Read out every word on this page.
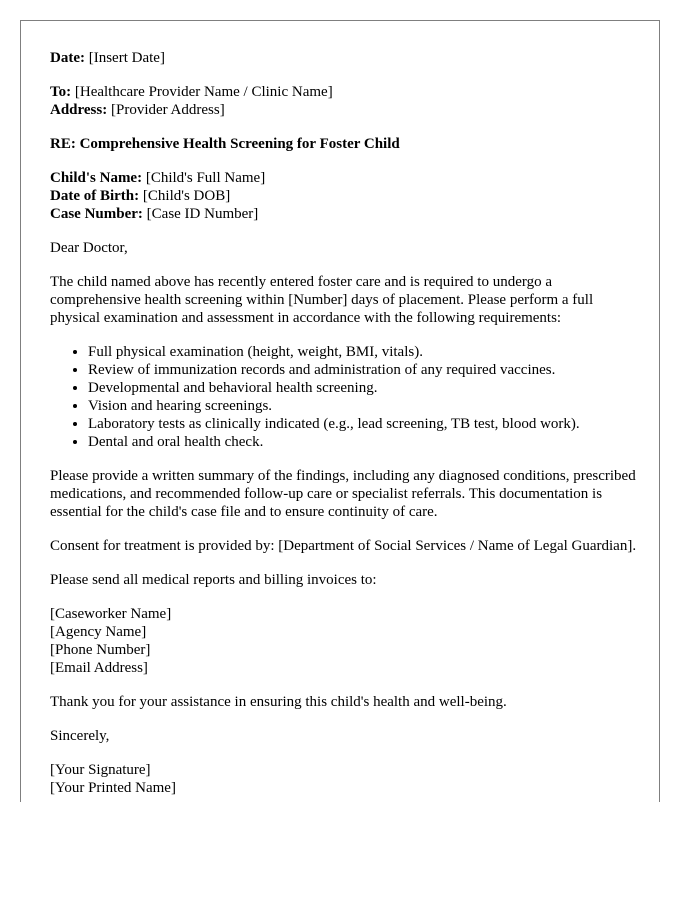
Date: [Insert Date]
To: [Healthcare Provider Name / Clinic Name]
Address: [Provider Address]
RE: Comprehensive Health Screening for Foster Child
Child's Name: [Child's Full Name]
Date of Birth: [Child's DOB]
Case Number: [Case ID Number]

Dear Doctor,

The child named above has recently entered foster care and is required to undergo a comprehensive health screening within [Number] days of placement. Please perform a full physical examination and assessment in accordance with the following requirements:

• Full physical examination (height, weight, BMI, vitals).
• Review of immunization records and administration of any required vaccines.
• Developmental and behavioral health screening.
• Vision and hearing screenings.
• Laboratory tests as clinically indicated (e.g., lead screening, TB test, blood work).
• Dental and oral health check.

Please provide a written summary of the findings, including any diagnosed conditions, prescribed medications, and recommended follow-up care or specialist referrals. This documentation is essential for the child's case file and to ensure continuity of care.

Consent for treatment is provided by: [Department of Social Services / Name of Legal Guardian].

Please send all medical reports and billing invoices to:

[Caseworker Name]
[Agency Name]
[Phone Number]
[Email Address]

Thank you for your assistance in ensuring this child's health and well-being.

Sincerely,

[Your Signature]
[Your Printed Name]
